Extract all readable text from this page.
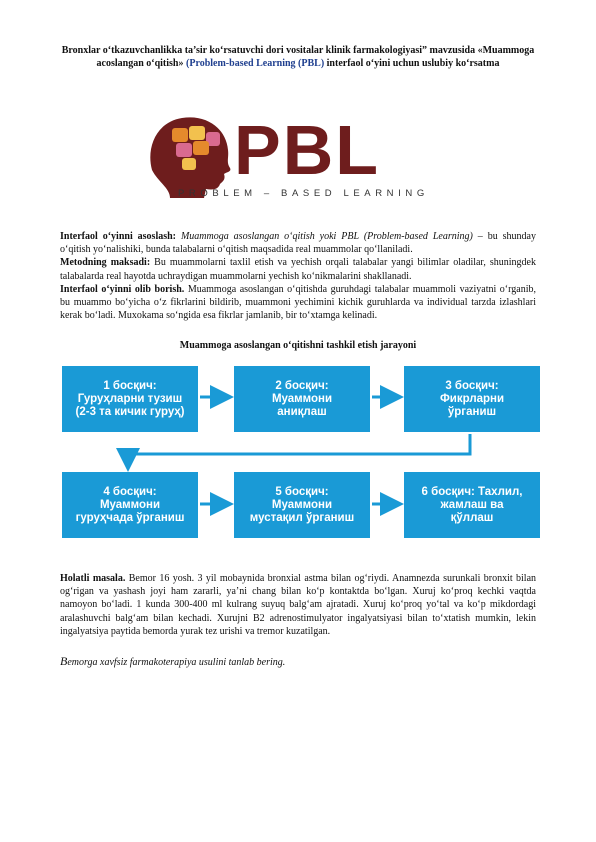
Bronxlar o‘tkazuvchanlikka ta’sir ko‘rsatuvchi dori vositalar klinik farmakologiyasi” mavzusida «Muammoga acoslangan o‘qitish» (Problem-based Learning (PBL) interfaol o‘yini uchun uslubiy ko‘rsatma
PBL
PROBLEM – BASED LEARNING
Interfaol o‘yinni asoslash: Muammoga asoslangan o‘qitish yoki PBL (Problem-based Learning) – bu shunday o‘qitish yo‘nalishiki, bunda talabalarni o‘qitish maqsadida real muammolar qo‘llaniladi.
Metodning maksadi: Bu muammolarni taxlil etish va yechish orqali talabalar yangi bilimlar oladilar, shuningdek talabalarda real hayotda uchraydigan muammolarni yechish ko‘nikmalarini shakllanadi.
Interfaol o‘yinni olib borish. Muammoga asoslangan o‘qitishda guruhdagi talabalar muammoli vaziyatni o‘rganib, bu muammo bo‘yicha o‘z fikrlarini bildirib, muammoni yechimini kichik guruhlarda va individual tarzda izlashlari kerak bo‘ladi. Muxokama so‘ngida esa fikrlar jamlanib, bir to‘xtamga kelinadi.
Muammoga asoslangan o‘qitishni tashkil etish jarayoni
1 босқич:
Гуруҳларни тузиш
(2-3 та кичик гуруҳ)
2 босқич:
Муаммони
аниқлаш
3 босқич:
Фикрларни
ўрганиш
4 босқич:
Муаммони
гуруҳчада ўрганиш
5 босқич:
Муаммони
мустақил ўрганиш
6 босқич: Тахлил,
жамлаш ва
қўллаш
Holatli masala. Bemor 16 yosh. 3 yil mobaynida bronxial astma bilan og‘riydi. Anamnezda surunkali bronxit bilan og‘rigan va yashash joyi ham zararli, ya’ni chang bilan ko‘p kontaktda bo‘lgan. Xuruj ko‘proq kechki vaqtda namoyon bo‘ladi. 1 kunda 300-400 ml kulrang suyuq balg‘am ajratadi. Xuruj ko‘proq yo‘tal va ko‘p mikdordagi aralashuvchi balg‘am bilan kechadi. Xurujni B2 adrenostimulyator ingalyatsiyasi bilan to‘xtatish mumkin, lekin ingalyatsiya paytida bemorda yurak tez urishi va tremor kuzatilgan.
Bemorga xavfsiz farmakoterapiya usulini tanlab bering.
